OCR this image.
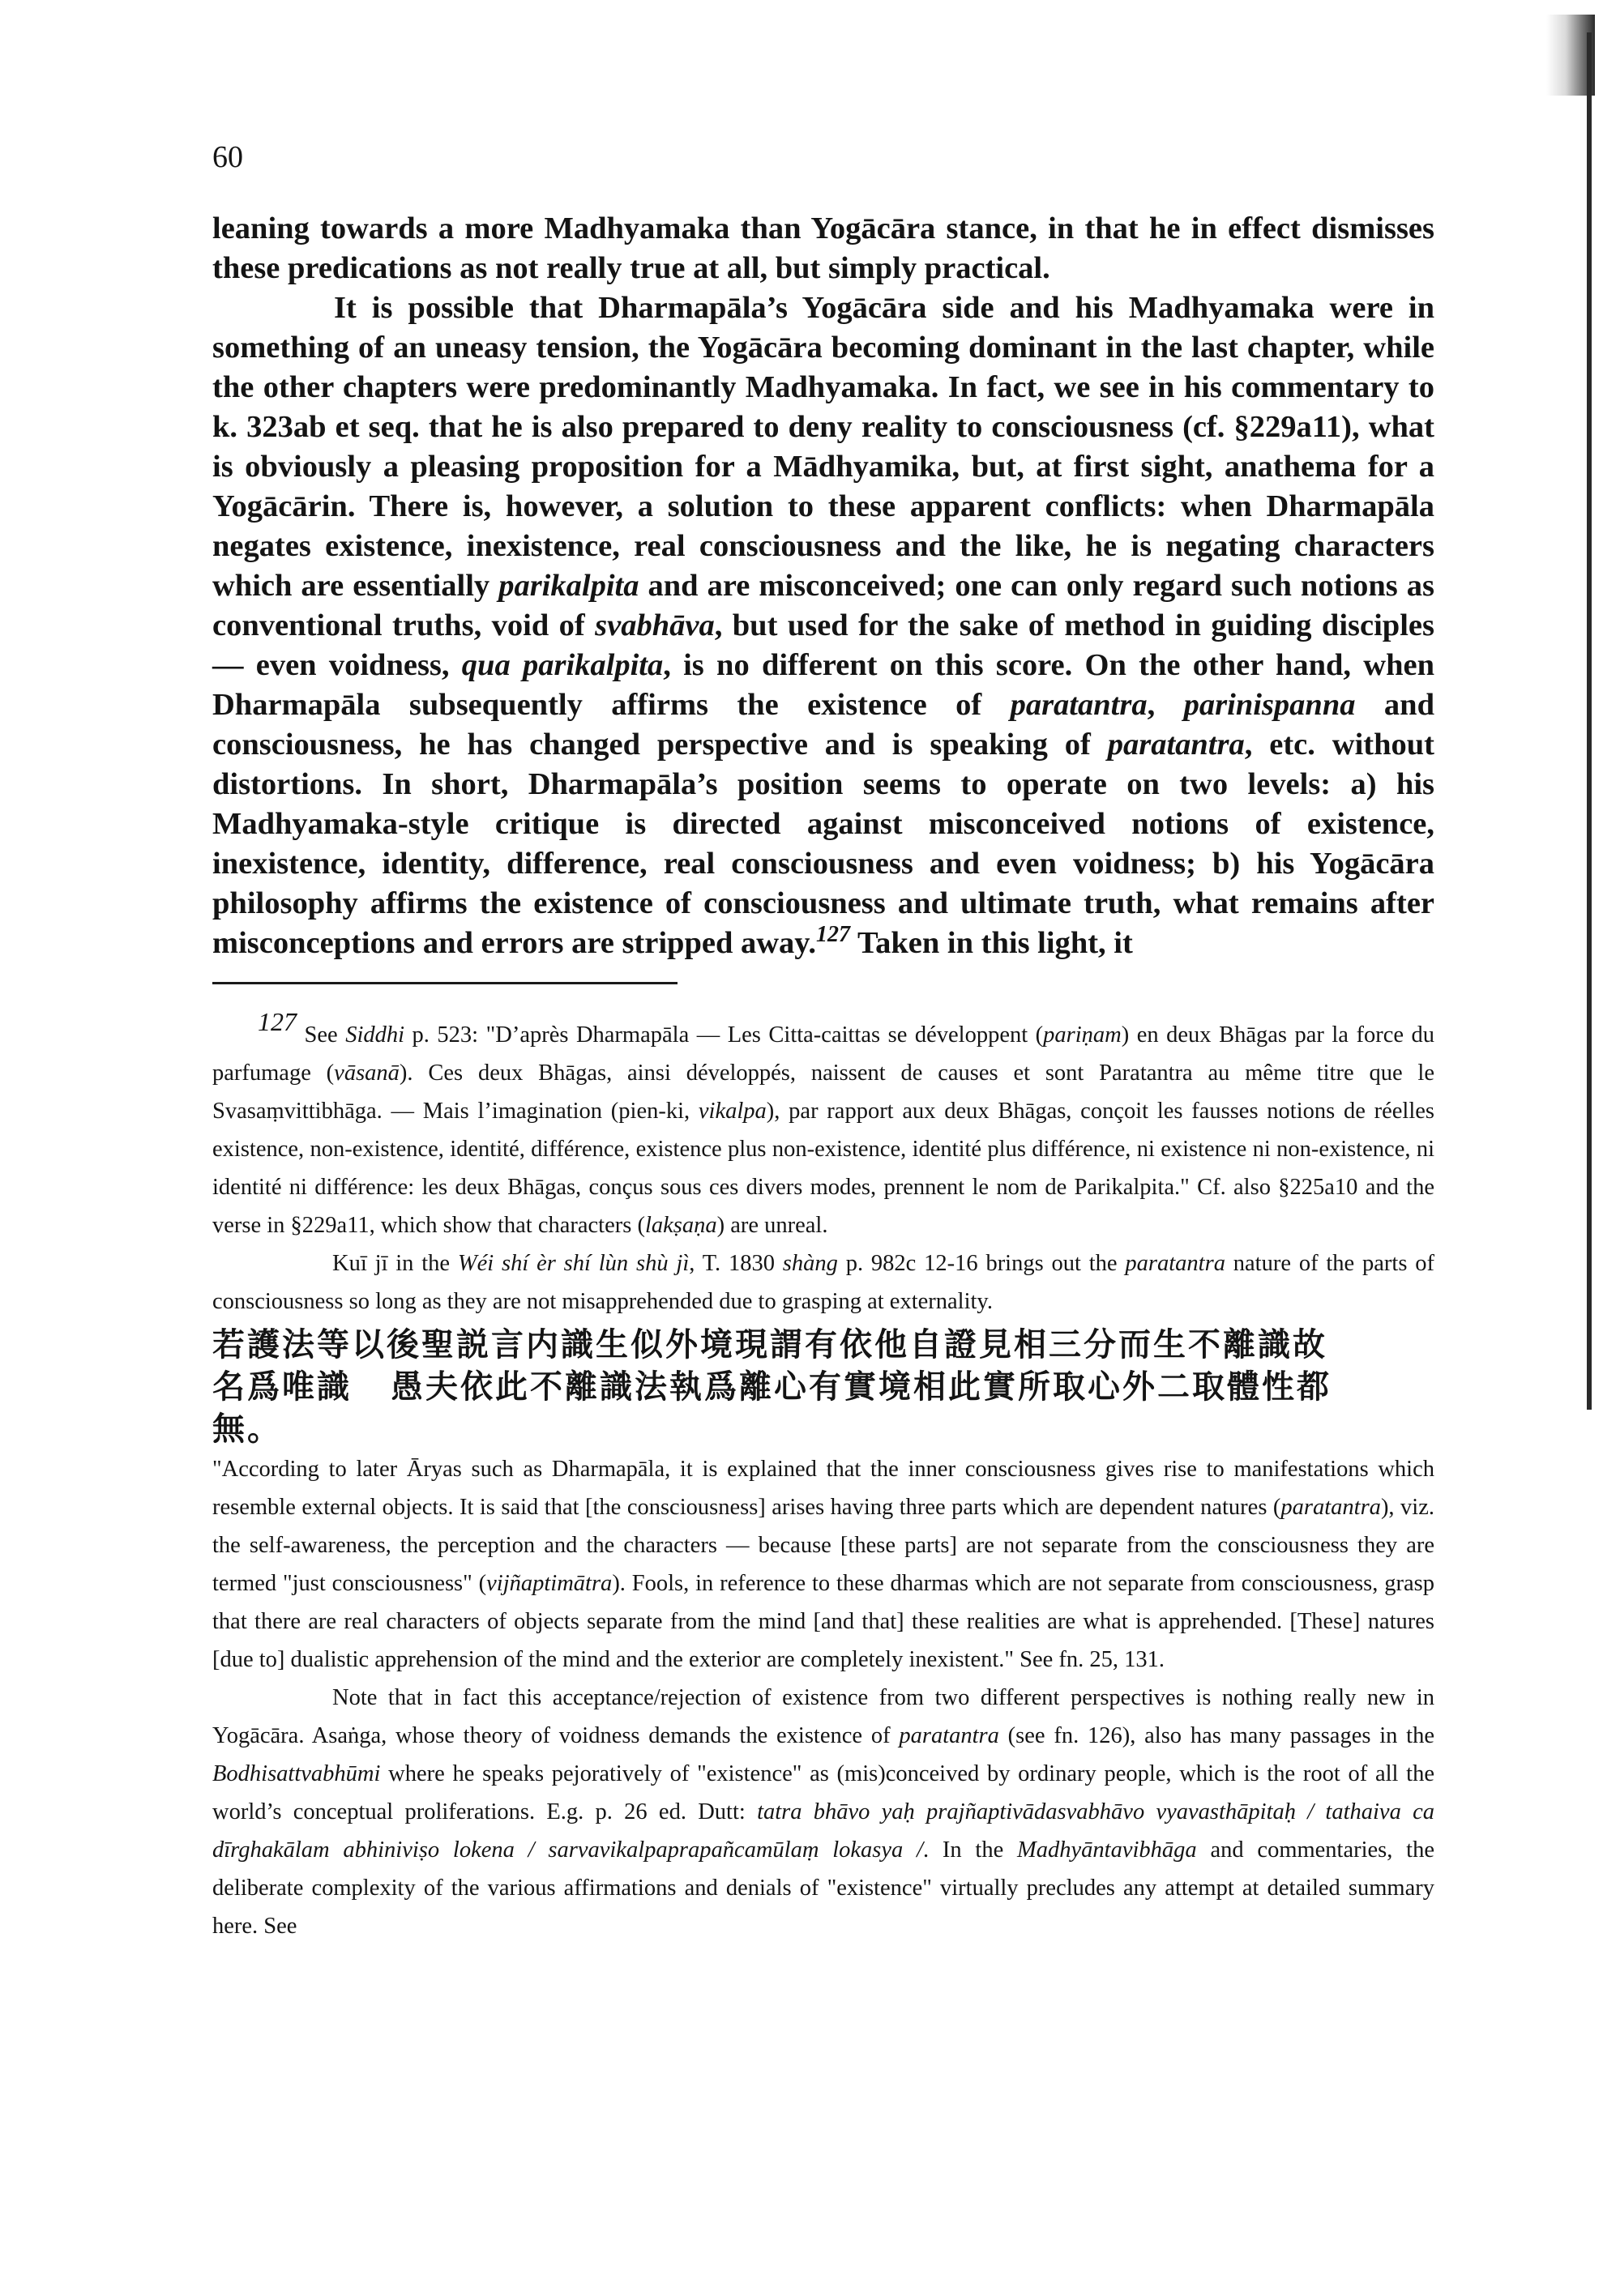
60

leaning towards a more Madhyamaka than Yogācāra stance, in that he in effect dismisses these predications as not really true at all, but simply practical.

It is possible that Dharmapāla’s Yogācāra side and his Madhyamaka were in something of an uneasy tension, the Yogācāra becoming dominant in the last chapter, while the other chapters were predominantly Madhyamaka. In fact, we see in his commentary to k. 323ab et seq. that he is also prepared to deny reality to consciousness (cf. §229a11), what is obviously a pleasing proposition for a Mādhyamika, but, at first sight, anathema for a Yogācārin. There is, however, a solution to these apparent conflicts: when Dharmapāla negates existence, inexistence, real consciousness and the like, he is negating characters which are essentially parikalpita and are misconceived; one can only regard such notions as conventional truths, void of svabhāva, but used for the sake of method in guiding disciples — even voidness, qua parikalpita, is no different on this score. On the other hand, when Dharmapāla subsequently affirms the existence of paratantra, parinispanna and consciousness, he has changed perspective and is speaking of paratantra, etc. without distortions. In short, Dharmapāla’s position seems to operate on two levels: a) his Madhyamaka-style critique is directed against misconceived notions of existence, inexistence, identity, difference, real consciousness and even voidness; b) his Yogācāra philosophy affirms the existence of consciousness and ultimate truth, what remains after misconceptions and errors are stripped away.$^{127}$ Taken in this light, it

127 See Siddhi p. 523: "D’après Dharmapāla — Les Citta-caittas se développent (pariṇam) en deux Bhāgas par la force du parfumage (vāsanā). Ces deux Bhāgas, ainsi développés, naissent de causes et sont Paratantra au même titre que le Svasaṃvittibhāga. — Mais l’imagination (pien-ki, vikalpa), par rapport aux deux Bhāgas, conçoit les fausses notions de réelles existence, non-existence, identité, différence, existence plus non-existence, identité plus différence, ni existence ni non-existence, ni identité ni différence: les deux Bhāgas, conçus sous ces divers modes, prennent le nom de Parikalpita." Cf. also §225a10 and the verse in §229a11, which show that characters (lakṣaṇa) are unreal.

Kuī jī in the Wéi shí èr shí lùn shù jì, T. 1830 shàng p. 982c 12-16 brings out the paratantra nature of the parts of consciousness so long as they are not misapprehended due to grasping at externality.

若護法等以後聖説言内識生似外境現謂有依他自證見相三分而生不離識故
名爲唯識 愚夫依此不離識法執爲離心有實境相此實所取心外二取體性都
無。

"According to later Āryas such as Dharmapāla, it is explained that the inner consciousness gives rise to manifestations which resemble external objects. It is said that [the consciousness] arises having three parts which are dependent natures (paratantra), viz. the self-awareness, the perception and the characters — because [these parts] are not separate from the consciousness they are termed "just consciousness" (vijñaptimātra). Fools, in reference to these dharmas which are not separate from consciousness, grasp that there are real characters of objects separate from the mind [and that] these realities are what is apprehended. [These] natures [due to] dualistic apprehension of the mind and the exterior are completely inexistent." See fn. 25, 131.

Note that in fact this acceptance/rejection of existence from two different perspectives is nothing really new in Yogācāra. Asaṅga, whose theory of voidness demands the existence of paratantra (see fn. 126), also has many passages in the Bodhisattvabhūmi where he speaks pejoratively of "existence" as (mis)conceived by ordinary people, which is the root of all the world’s conceptual proliferations. E.g. p. 26 ed. Dutt: tatra bhāvo yaḥ prajñaptivādasvabhāvo vyavasthāpitaḥ / tathaiva ca dīrghakālam abhiniviṣo lokena / sarvavikalpaprapañcamūlaṃ lokasya /. In the Madhyāntavibhāga and commentaries, the deliberate complexity of the various affirmations and denials of "existence" virtually precludes any attempt at detailed summary here. See
